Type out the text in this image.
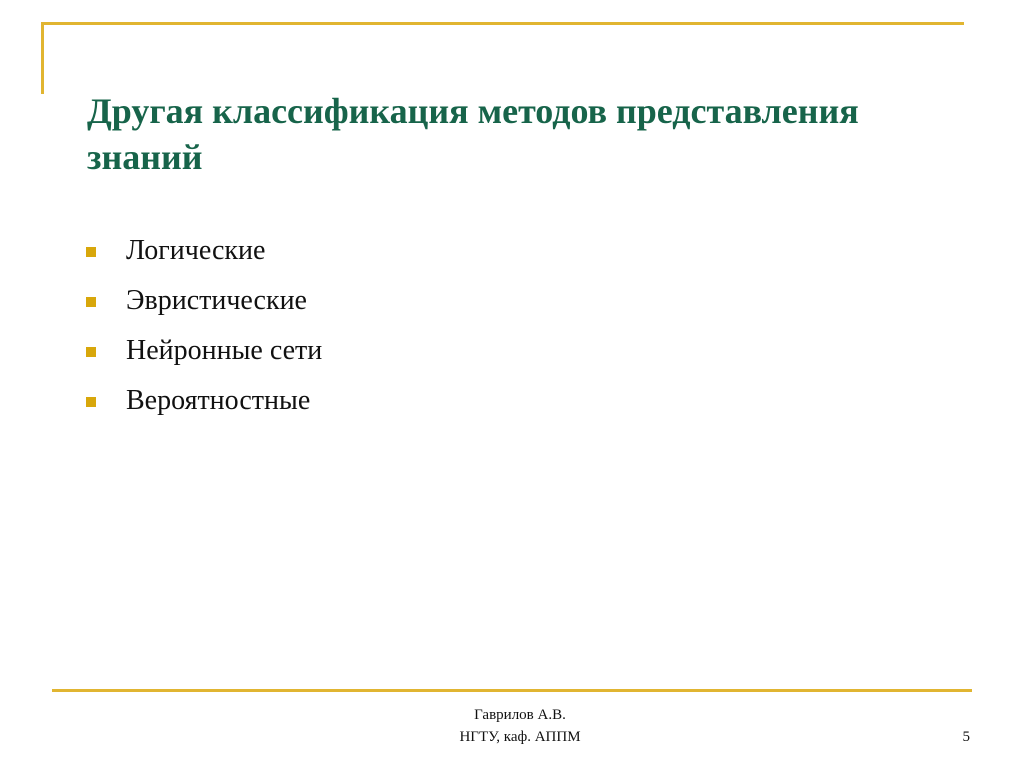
Другая классификация методов представления знаний
Логические
Эвристические
Нейронные сети
Вероятностные
Гаврилов А.В.
НГТУ, каф. АППМ	5
